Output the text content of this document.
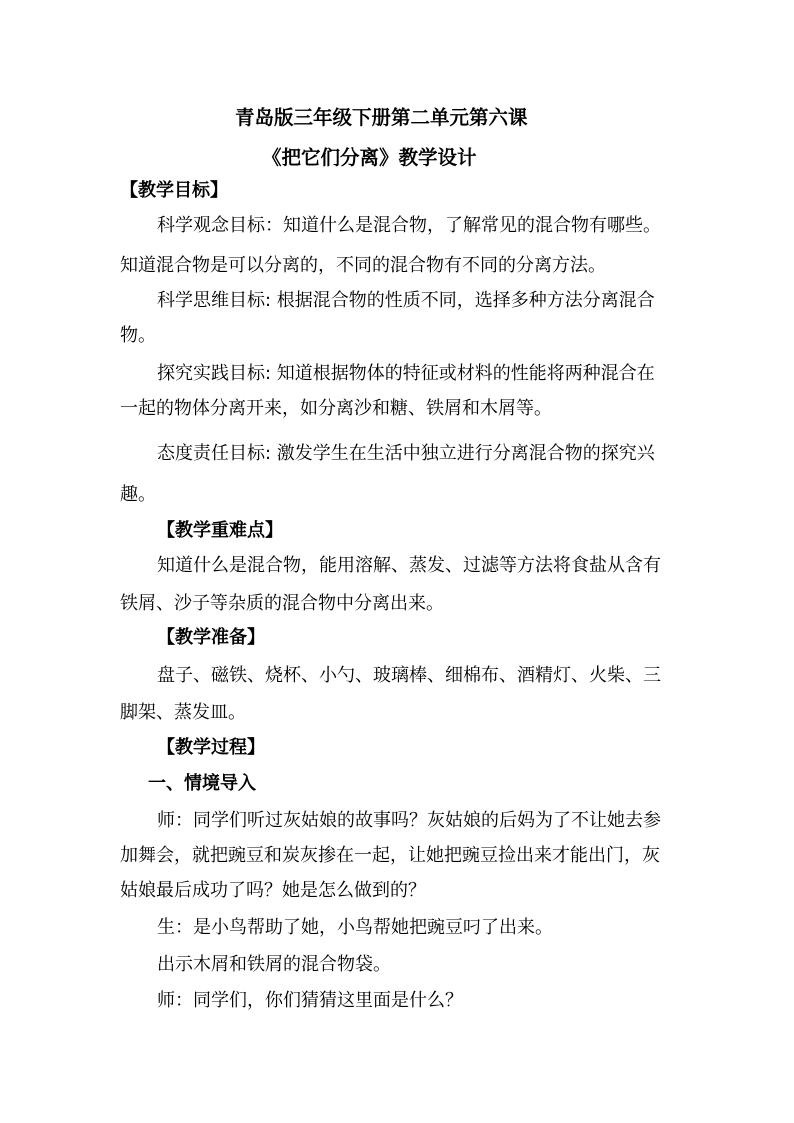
青岛版三年级下册第二单元第六课
《把它们分离》教学设计
【教学目标】
科学观念目标：知道什么是混合物，了解常见的混合物有哪些。
知道混合物是可以分离的，不同的混合物有不同的分离方法。
科学思维目标: 根据混合物的性质不同，选择多种方法分离混合
物。
探究实践目标: 知道根据物体的特征或材料的性能将两种混合在
一起的物体分离开来，如分离沙和糖、铁屑和木屑等。
态度责任目标: 激发学生在生活中独立进行分离混合物的探究兴
趣。
【教学重难点】
知道什么是混合物，能用溶解、蒸发、过滤等方法将食盐从含有
铁屑、沙子等杂质的混合物中分离出来。
【教学准备】
盘子、磁铁、烧杯、小勺、玻璃棒、细棉布、酒精灯、火柴、三
脚架、蒸发皿。
【教学过程】
一、情境导入
师：同学们听过灰姑娘的故事吗？灰姑娘的后妈为了不让她去参
加舞会，就把豌豆和炭灰掺在一起，让她把豌豆捡出来才能出门，灰
姑娘最后成功了吗？她是怎么做到的？
生：是小鸟帮助了她，小鸟帮她把豌豆叼了出来。
出示木屑和铁屑的混合物袋。
师：同学们，你们猜猜这里面是什么？
